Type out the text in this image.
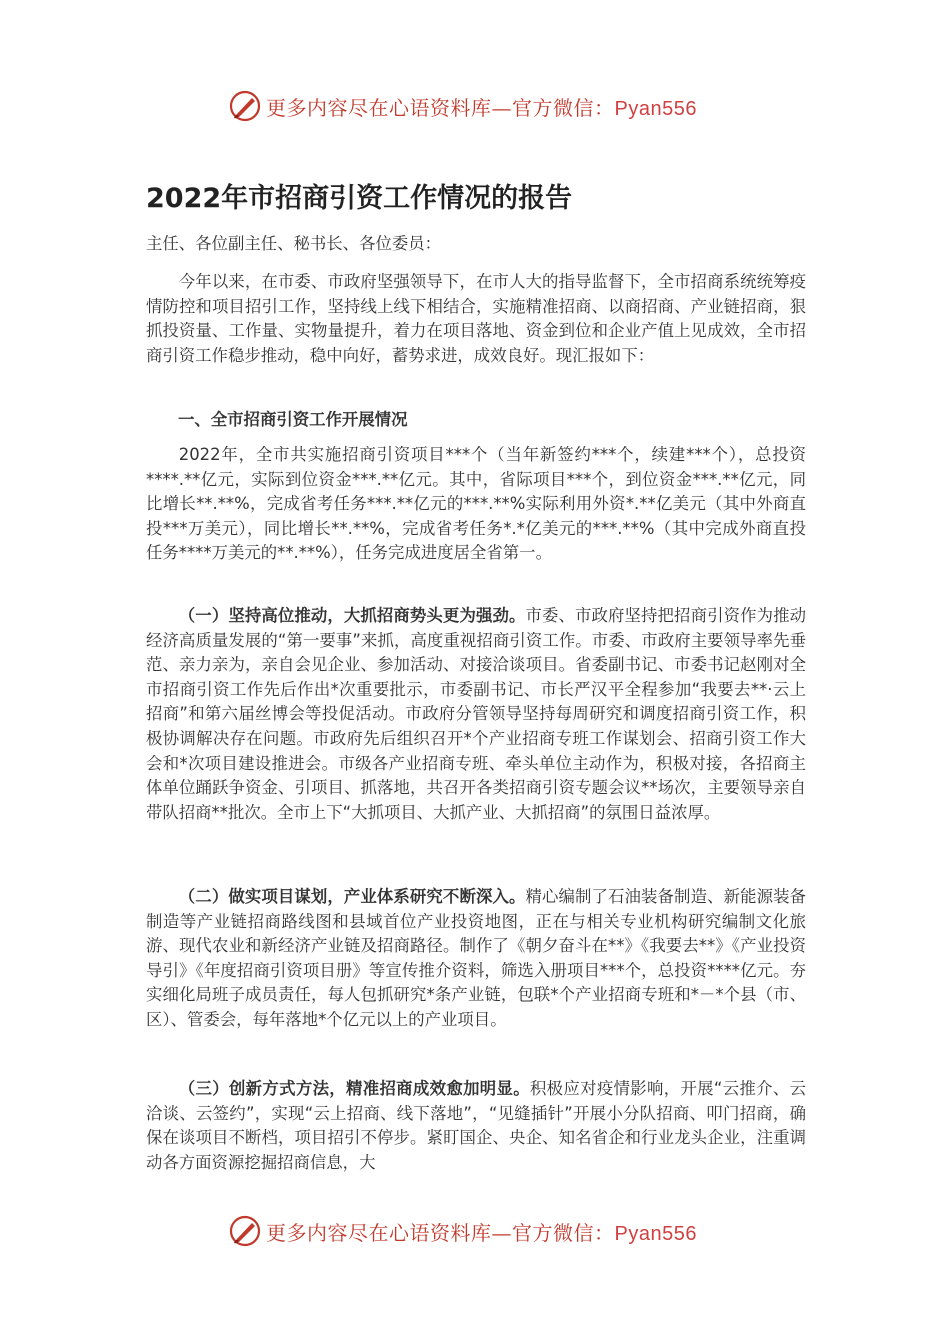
更多内容尽在心语资料库—官方微信：Pyan556
2022年市招商引资工作情况的报告
主任、各位副主任、秘书长、各位委员：

今年以来，在市委、市政府坚强领导下，在市人大的指导监督下，全市招商系统统筹疫情防控和项目招引工作，坚持线上线下相结合，实施精准招商、以商招商、产业链招商，狠抓投资量、工作量、实物量提升，着力在项目落地、资金到位和企业产值上见成效，全市招商引资工作稳步推动，稳中向好，蓄势求进，成效良好。现汇报如下：

一、全市招商引资工作开展情况

2022年，全市共实施招商引资项目***个（当年新签约***个，续建***个），总投资****.**亿元，实际到位资金***.**亿元。其中，省际项目***个，到位资金***.**亿元，同比增长**.**%，完成省考任务***.**亿元的***.**%实际利用外资*.**亿美元（其中外商直投***万美元），同比增长**.**%，完成省考任务*.*亿美元的***.**%（其中完成外商直投任务****万美元的**.**%），任务完成进度居全省第一。

（一）坚持高位推动，大抓招商势头更为强劲。市委、市政府坚持把招商引资作为推动经济高质量发展的“第一要事”来抓，高度重视招商引资工作。市委、市政府主要领导率先垂范、亲力亲为，亲自会见企业、参加活动、对接洽谈项目。省委副书记、市委书记赵刚对全市招商引资工作先后作出*次重要批示，市委副书记、市长严汉平全程参加“我要去**·云上招商”和第六届丝博会等投促活动。市政府分管领导坚持每周研究和调度招商引资工作，积极协调解决存在问题。市政府先后组织召开*个产业招商专班工作谋划会、招商引资工作大会和*次项目建设推进会。市级各产业招商专班、牵头单位主动作为，积极对接，各招商主体单位踊跃争资金、引项目、抓落地，共召开各类招商引资专题会议**场次，主要领导亲自带队招商**批次。全市上下“大抓项目、大抓产业、大抓招商”的氛围日益浓厚。

（二）做实项目谋划，产业体系研究不断深入。精心编制了石油装备制造、新能源装备制造等产业链招商路线图和县域首位产业投资地图，正在与相关专业机构研究编制文化旅游、现代农业和新经济产业链及招商路径。制作了《朝夕奋斗在**》《我要去**》《产业投资导引》《年度招商引资项目册》等宣传推介资料，筛选入册项目***个，总投资****亿元。夯实细化局班子成员责任，每人包抓研究*条产业链，包联*个产业招商专班和*－*个县（市、区）、管委会，每年落地*个亿元以上的产业项目。

（三）创新方式方法，精准招商成效愈加明显。积极应对疫情影响，开展“云推介、云洽谈、云签约”，实现“云上招商、线下落地”，“见缝插针”开展小分队招商、叩门招商，确保在谈项目不断档，项目招引不停步。紧盯国企、央企、知名省企和行业龙头企业，注重调动各方面资源挖掘招商信息，大

更多内容尽在心语资料库—官方微信：Pyan556
